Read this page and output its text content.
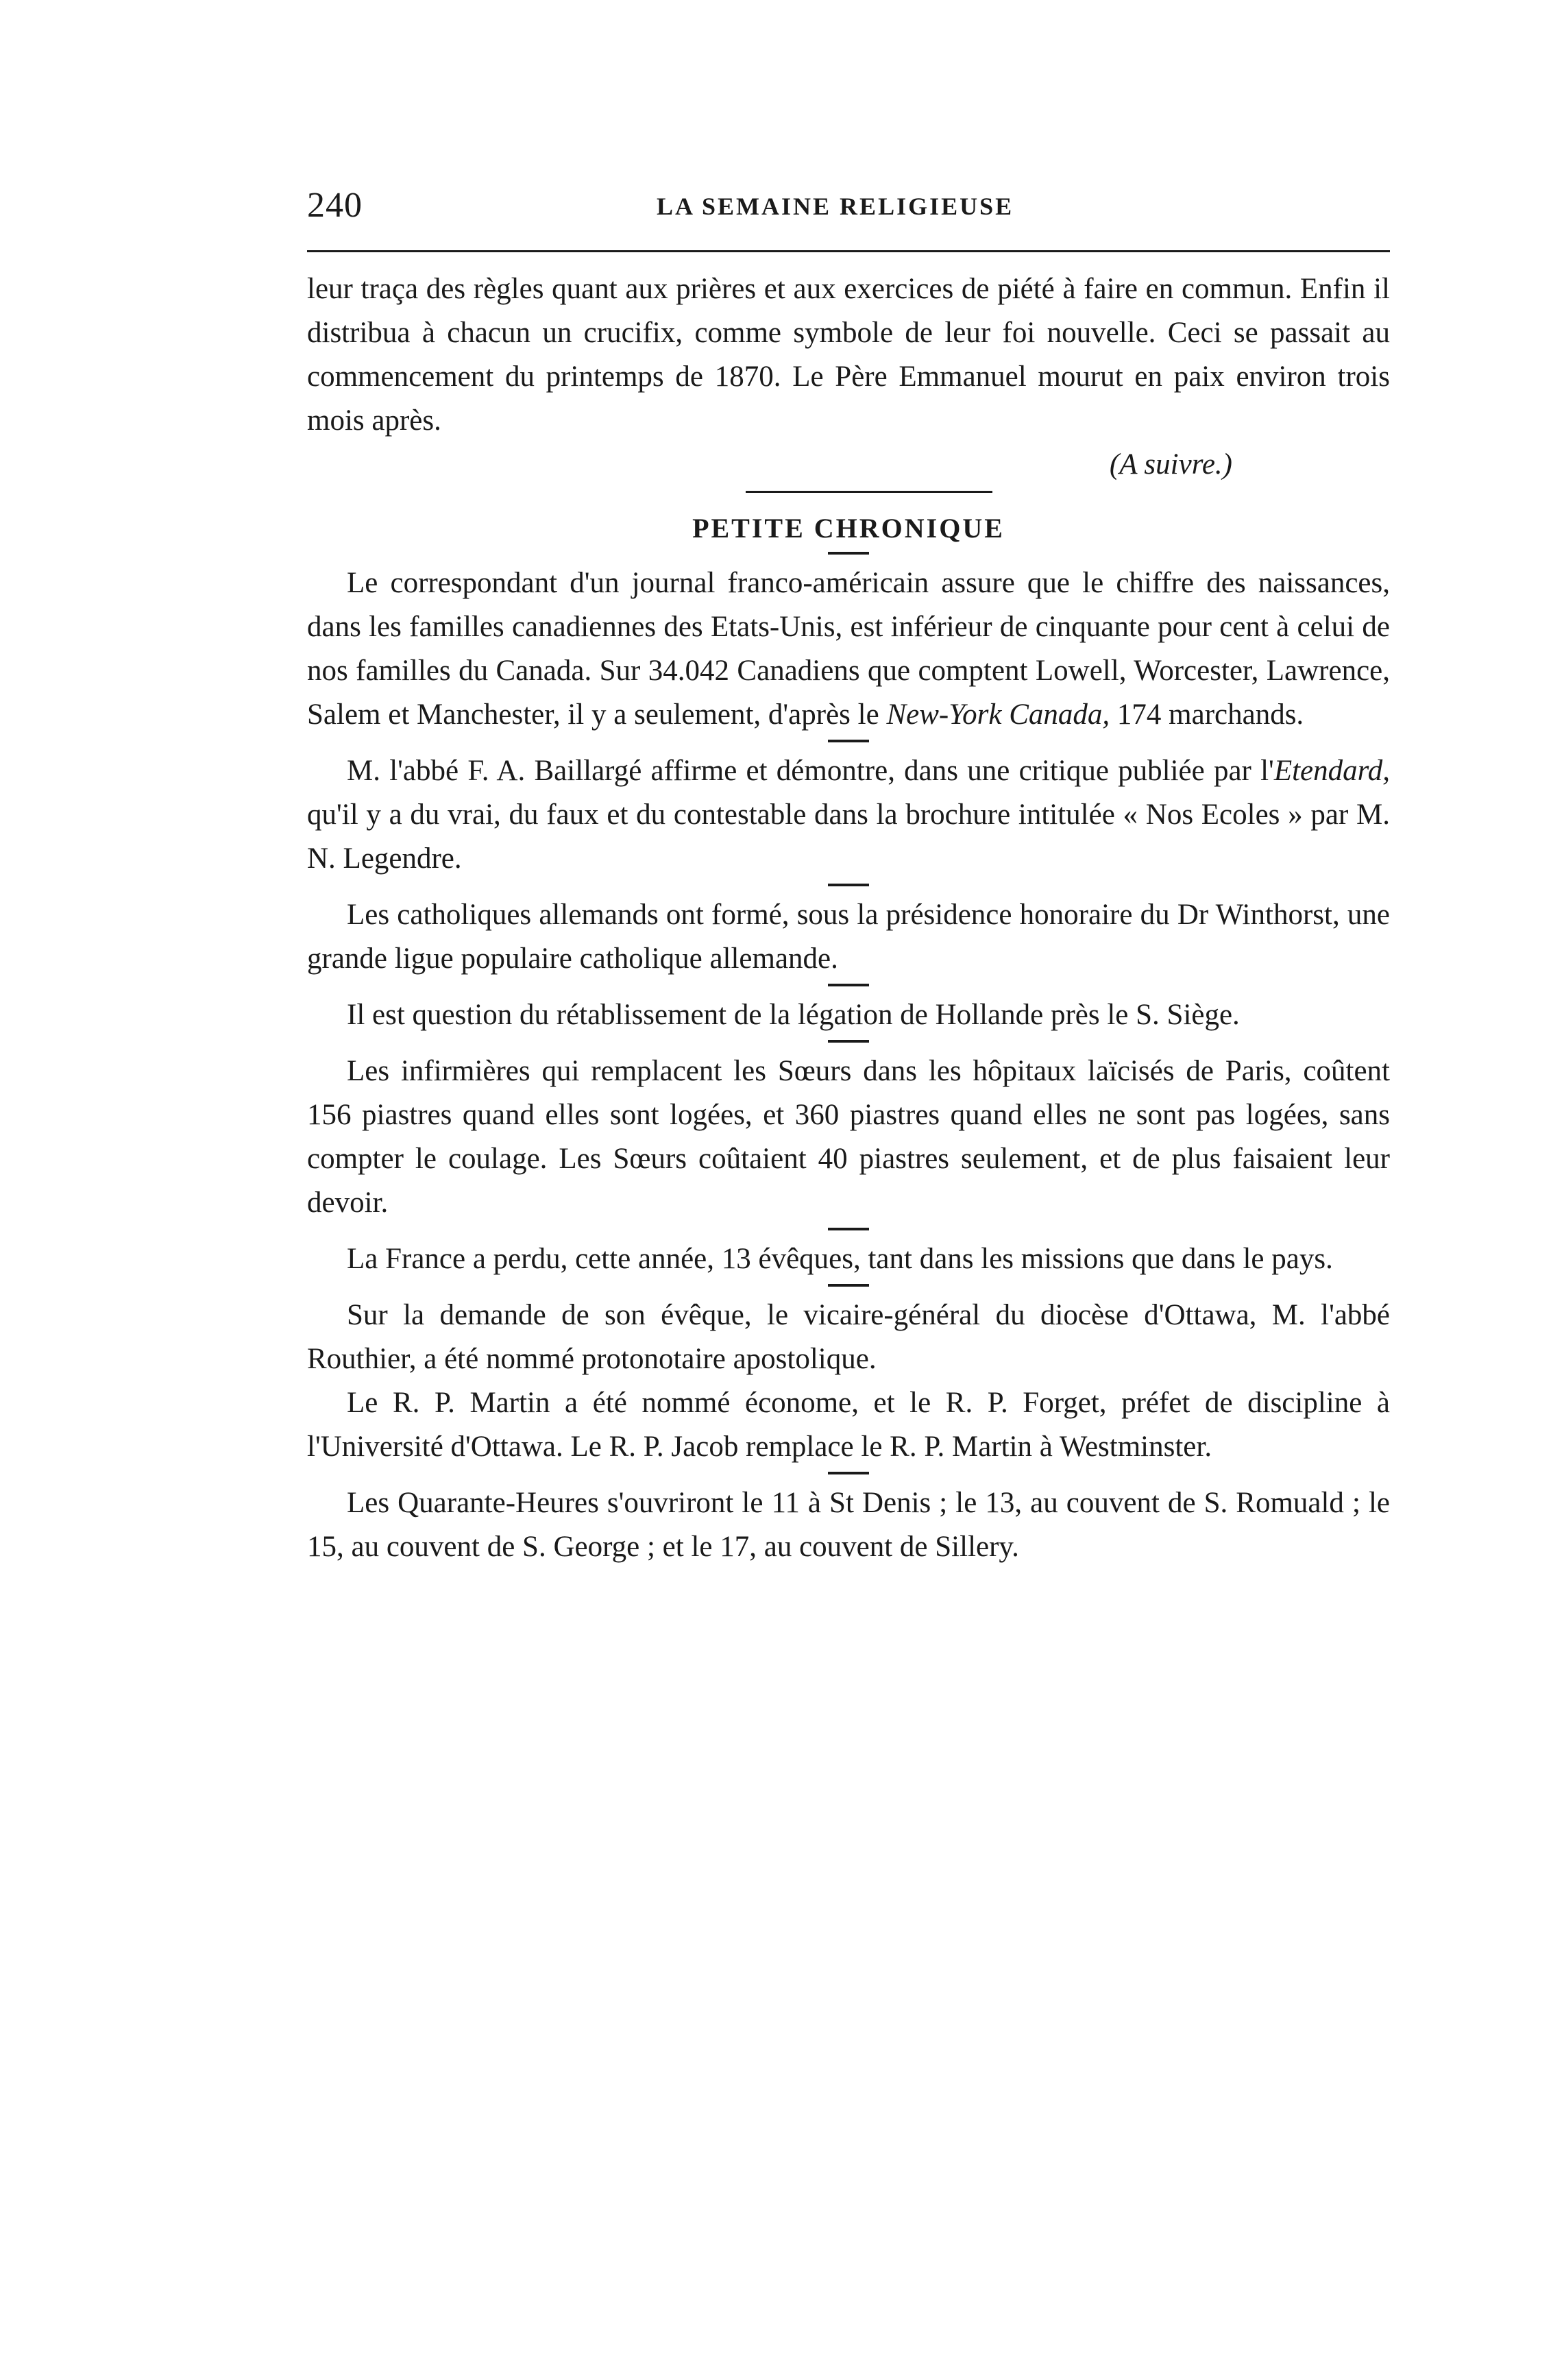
240	LA SEMAINE RELIGIEUSE

leur traça des règles quant aux prières et aux exercices de piété à faire en commun. Enfin il distribua à chacun un crucifix, comme symbole de leur foi nouvelle. Ceci se passait au commencement du printemps de 1870. Le Père Emmanuel mourut en paix environ trois mois après.

(A suivre.)

PETITE CHRONIQUE

Le correspondant d'un journal franco-américain assure que le chiffre des naissances, dans les familles canadiennes des Etats-Unis, est inférieur de cinquante pour cent à celui de nos familles du Canada. Sur 34.042 Canadiens que comptent Lowell, Worcester, Lawrence, Salem et Manchester, il y a seulement, d'après le New-York Canada, 174 marchands.

M. l'abbé F. A. Baillargé affirme et démontre, dans une critique publiée par l'Etendard, qu'il y a du vrai, du faux et du contestable dans la brochure intitulée « Nos Ecoles » par M. N. Legendre.

Les catholiques allemands ont formé, sous la présidence honoraire du Dr Winthorst, une grande ligue populaire catholique allemande.

Il est question du rétablissement de la légation de Hollande près le S. Siège.

Les infirmières qui remplacent les Sœurs dans les hôpitaux laïcisés de Paris, coûtent 156 piastres quand elles sont logées, et 360 piastres quand elles ne sont pas logées, sans compter le coulage. Les Sœurs coûtaient 40 piastres seulement, et de plus faisaient leur devoir.

La France a perdu, cette année, 13 évêques, tant dans les missions que dans le pays.

Sur la demande de son évêque, le vicaire-général du diocèse d'Ottawa, M. l'abbé Routhier, a été nommé protonotaire apostolique.

Le R. P. Martin a été nommé économe, et le R. P. Forget, préfet de discipline à l'Université d'Ottawa. Le R. P. Jacob remplace le R. P. Martin à Westminster.

Les Quarante-Heures s'ouvriront le 11 à St Denis ; le 13, au couvent de S. Romuald ; le 15, au couvent de S. George ; et le 17, au couvent de Sillery.
